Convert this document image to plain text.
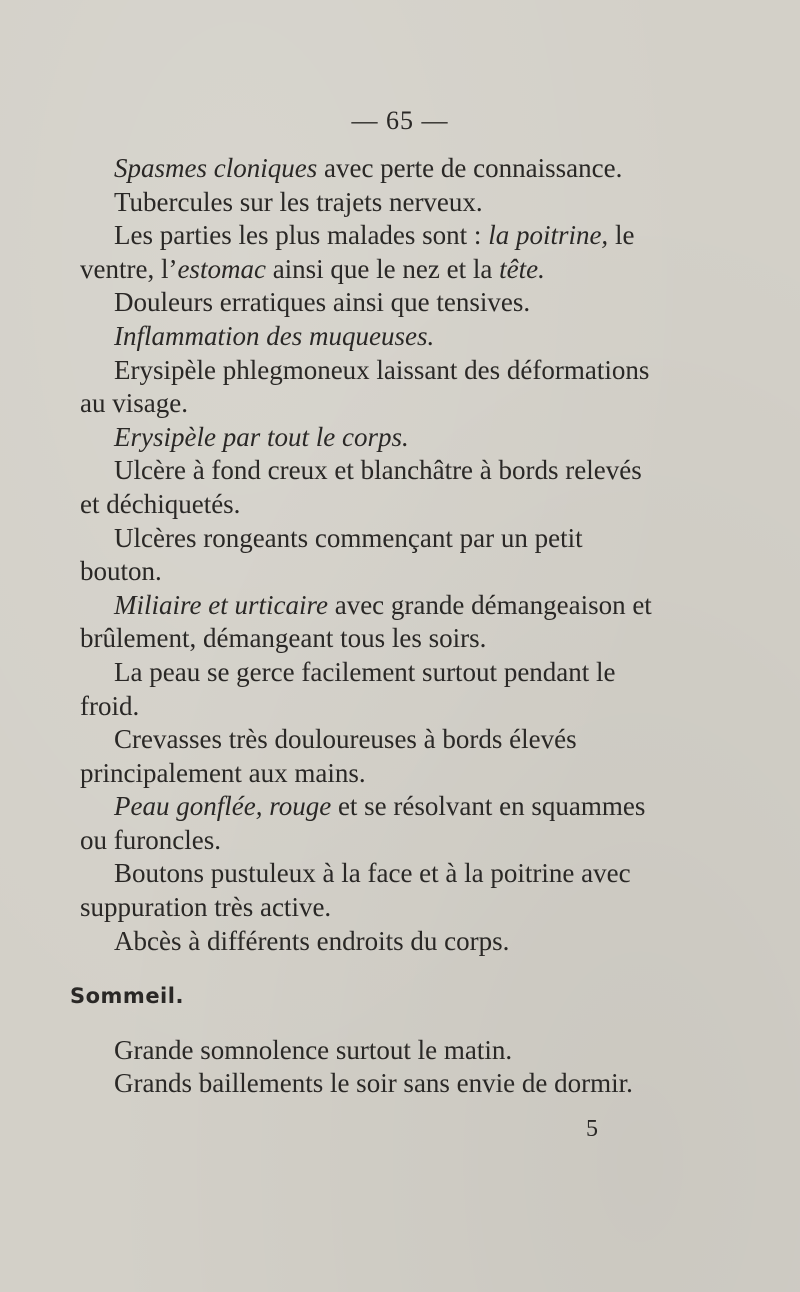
— 65 —

Spasmes cloniques avec perte de connaissance.

Tubercules sur les trajets nerveux.

Les parties les plus malades sont : la poitrine, le ventre, l’estomac ainsi que le nez et la tête.

Douleurs erratiques ainsi que tensives.

Inflammation des muqueuses.

Erysipèle phlegmoneux laissant des déformations au visage.

Erysipèle par tout le corps.

Ulcère à fond creux et blanchâtre à bords relevés et déchiquetés.

Ulcères rongeants commençant par un petit bouton.

Miliaire et urticaire avec grande démangeaison et brûlement, démangeant tous les soirs.

La peau se gerce facilement surtout pendant le froid.

Crevasses très douloureuses à bords élevés principalement aux mains.

Peau gonflée, rouge et se résolvant en squammes ou furoncles.

Boutons pustuleux à la face et à la poitrine avec suppuration très active.

Abcès à différents endroits du corps.

Sommeil.

Grande somnolence surtout le matin.

Grands baillements le soir sans envie de dormir.

5
